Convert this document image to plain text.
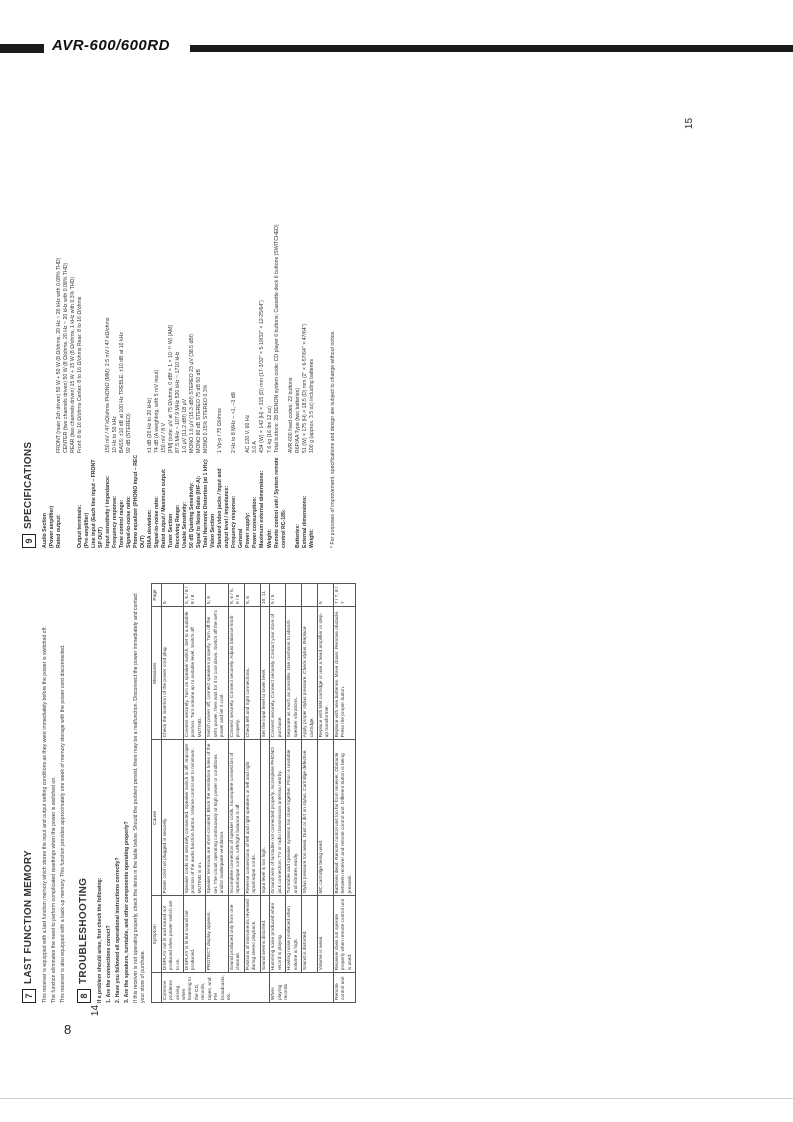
AVR-600/600RD
8
14
15
7
LAST FUNCTION MEMORY This receiver is equipped with a last function memory which stores the input and output setting conditions as they were immediately before the power is switched off. The function eliminates the need to perform complicated resettings when the power is switched on. This receiver is also equipped with a back-up memory. This function provides approximately one week of memory storage with the power cord disconnected. 8
TROUBLESHOOTING If a problem should arise, first check the following: 1. Are the connections correct? 2. Have you followed all operational instructions correctly? 3. Are the speakers, turntable, and other components operating properly? If this receiver is not operating properly, check the items in the table below. Should the problem persist, there may be a malfunction. Disconnect the power immediately and contact your store of purchase.

	Symptom	Cause	Measures	Page
Common problems arising when listening to the CD, records, tapes, and FM broadcasts, etc.	DISPLAY not lit and sound not produced when power switch set to on.	Power cord not plugged in securely.	Check the insertion of the power cord plug.	5
	DISPLAY is lit but sound not produced.	Speaker cords not securely connected. Speaker switch is off. Improper position of the audio function button. Volume control set to minimum. MUTING is on.	Connect securely. Turn on speaker switch. Set to a suitable position. Turn volume up to suitable level. Switch off MUTING.	5, 6 / 8 / 8 / 8
	PROTECT display appears.	Speaker terminals are short-circuited. Block the ventilation holes of the set. The circuit operating continuously at high power or conditions and/or inadequate ventilation.	Switch power off, connect speakers properly. Turn off the set's power, then wait for it to cool down. Switch off the set's power and let it cool.	5, 6
	Sound produced only from one channel.	Incomplete connection of speaker cords. Incomplete connection of input/output cords. Left/right balance is off.	Connect securely. Connect securely. Adjust balance knob properly.	5, 6 / 5, 6 / 8
	Positions of instruments reversed during stereo playback.	Reverse connections of left and right speakers or left and right input/output cords.	Check left and right connections.	5, 6
	Sound seems distorted.	Input level is too high.	Set the input level to lower level.	10, 11
When playing records	Humming noise produced when record is playing.	Ground wire of turntable not connected properly. Incomplete PHONO jack connection. TV or radio transmission antenna nearby.	Connect securely. Connect securely. Contact your store of purchase.	5 / 5
	Howling noise produced when volume is high.	Turntable and speaker systems too close together. Floor is unstable and vibrates easily.	Separate as much as possible. Use cushions to absorb speaker vibrations.	
	Sound is distorted.	Stylus pressure too weak. Dust or dirt on stylus. Cartridge defective.	Apply proper stylus pressure. Check stylus. Replace cartridge.	
	Volume is weak.	MC cartridge being used.	Replace with MM cartridge or use a head amplifier or step-up transformer.	5
Remote control unit	Receiver does not operate properly when remote control unit is used.	Batteries dead. Remote control unit too far from receiver. Obstacle between receiver and remote control unit. Different button is being pressed.	Replace with new batteries. Move closer. Remove obstacle. Press the proper button.	7 / 7, 8 / 7
9
SPECIFICATIONS
Audio Section (Power amplifier) Rated output:
FRONT (main 2ch driven) 50 W + 50 W (8 Ω/ohms, 20 Hz ~ 20 kHz with 0.08% THD) CENTER (two channels driven) 50 W (8 Ω/ohms, 20 Hz ~ 20 kHz with 0.08% THD) REAR (two channels driven) 15 W + 15 W (8 Ω/ohms, 1 kHz with 0.3% THD)
Output terminals:
Front: 8 to 16 Ω/ohms Center: 8 to 16 Ω/ohms Rear: 8 to 16 Ω/ohms
(Pre-amplifier) Line input (Each line input – FRONT SP OUT) Input sensitivity / impedance:
150 mV / 47 kΩ/ohms PHONO (MM): 2.5 mV / 47 kΩ/ohms
Frequency response:
10 Hz to 50 kHz
Tone control range:
BASS: ±10 dB at 100 Hz TREBLE: ±10 dB at 10 kHz
Signal-to-noise ratio:
92 dB (STEREO)
Phono equalizer (PHONO input – REC OUT) RIAA deviation:
±1 dB (20 Hz to 20 kHz)
Signal-to-noise ratio:
74 dB (A weighting, with 5 mV input)
Rated output / Maximum output:
150 mV / 8 V
Tuner Section
[FM] (note: μV at 75 Ω/ohms, 0 dBf = 1 × 10⁻¹⁵ W) [AM]
Receiving Range:
87.5 MHz ~ 107.9 MHz 520 kHz ~ 1710 kHz
Usable Sensitivity:
1.0 μV (11.2 dBf) 18 μV
50 dB Quieting Sensitivity:
MONO 1.6 μV (15.3 dBf) STEREO 23 μV (38.5 dBf)
Signal to Noise Ratio (IHF-A):
MONO 80 dB STEREO 75 dB 50 dB
Total Harmonic Distortion (at 1 kHz):
MONO 0.15% STEREO 0.3%
Video Section Standard video jacks / Input and output level / impedance:
1 Vp-p / 75 Ω/ohms
Frequency response:
2 Hz to 8 MHz – +1, –3 dB
General Power supply:
AC 120 V, 60 Hz
Power consumption:
3.0 A
Maximum external dimensions:
434 (W) × 142 (H) × 315 (D) mm (17-3/32" × 5-19/32" × 12-25/64")
Weight:
7.6 kg (16 lbs 12 oz)
Remote control unit / System remote control RC-185:
Total buttons: 28 DENON system code: CD player 6 buttons; Cassette deck 6 buttons (SWITCHED)	AVR-600 fixed codes: 22 buttons
Batteries:
R6P/AA Type (two batteries)
External dimensions:
51 (W) × 175 (H) × 18.5 (D) mm (2" × 6-57/64" × 47/64")
Weight:
100 g (approx. 3.5 oz) including batteries	* For purposes of improvement, specifications and design are subject to change without notice.
